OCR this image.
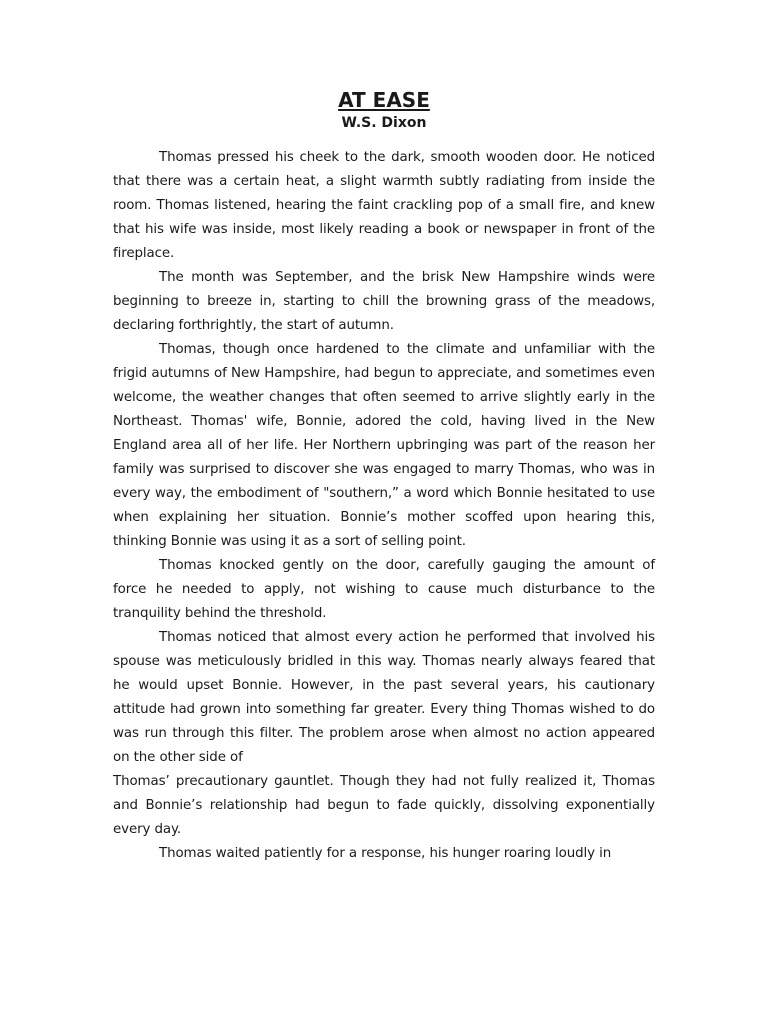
AT EASE
W.S. Dixon

Thomas pressed his cheek to the dark, smooth wooden door. He noticed that there was a certain heat, a slight warmth subtly radiating from inside the room. Thomas listened, hearing the faint crackling pop of a small fire, and knew that his wife was inside, most likely reading a book or newspaper in front of the fireplace.

The month was September, and the brisk New Hampshire winds were beginning to breeze in, starting to chill the browning grass of the meadows, declaring forthrightly, the start of autumn.

Thomas, though once hardened to the climate and unfamiliar with the frigid autumns of New Hampshire, had begun to appreciate, and sometimes even welcome, the weather changes that often seemed to arrive slightly early in the Northeast. Thomas' wife, Bonnie, adored the cold, having lived in the New England area all of her life. Her Northern upbringing was part of the reason her family was surprised to discover she was engaged to marry Thomas, who was in every way, the embodiment of "southern,” a word which Bonnie hesitated to use when explaining her situation. Bonnie’s mother scoffed upon hearing this, thinking Bonnie was using it as a sort of selling point.

Thomas knocked gently on the door, carefully gauging the amount of force he needed to apply, not wishing to cause much disturbance to the tranquility behind the threshold.

Thomas noticed that almost every action he performed that involved his spouse was meticulously bridled in this way. Thomas nearly always feared that he would upset Bonnie. However, in the past several years, his cautionary attitude had grown into something far greater. Every thing Thomas wished to do was run through this filter. The problem arose when almost no action appeared on the other side of

Thomas’ precautionary gauntlet. Though they had not fully realized it, Thomas and Bonnie’s relationship had begun to fade quickly, dissolving exponentially every day.

Thomas waited patiently for a response, his hunger roaring loudly in
